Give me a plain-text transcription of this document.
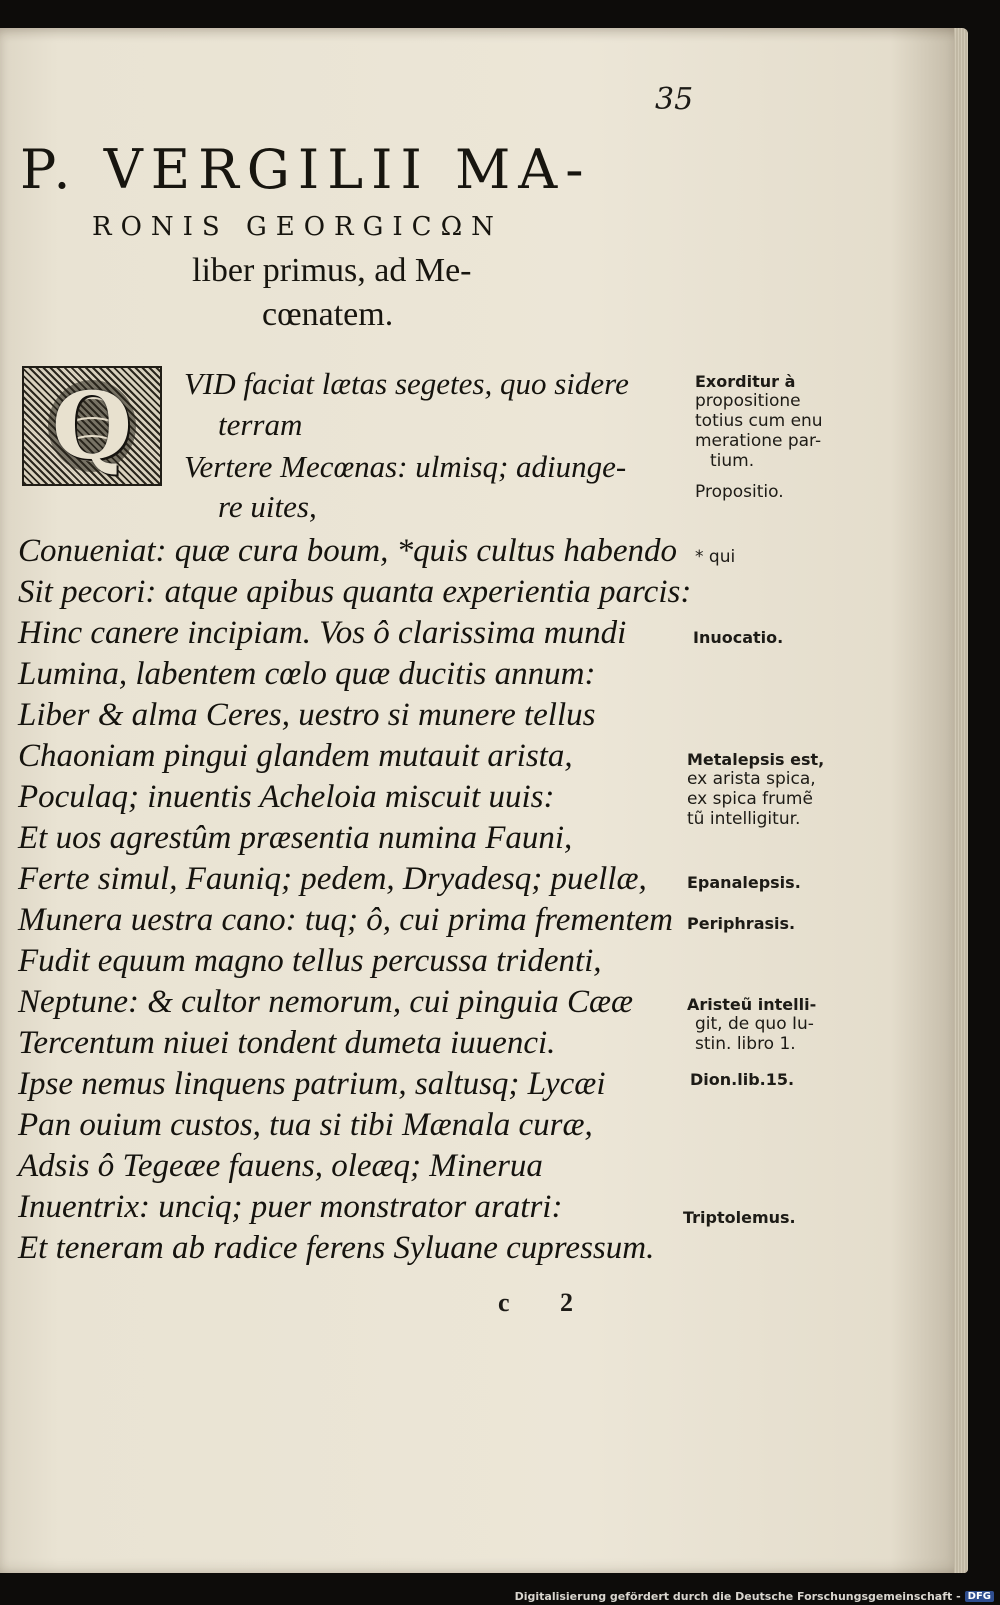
35
P. VERGILII MA-
RONIS GEORGICΩN
liber primus, ad Me-
cœnatem.
Q	VID faciat lætas segetes, quo sidere
terram
Vertere Mecœnas: ulmisq; adiunge-
re uites,
Conueniat: quæ cura boum, *quis cultus habendo
Sit pecori: atque apibus quanta experientia parcis:
Hinc canere incipiam. Vos ô clarissima mundi
Lumina, labentem cœlo quæ ducitis annum:
Liber & alma Ceres, uestro si munere tellus
Chaoniam pingui glandem mutauit arista,
Poculaq; inuentis Acheloia miscuit uuis:
Et uos agrestûm præsentia numina Fauni,
Ferte simul, Fauniq; pedem, Dryadesq; puellæ,
Munera uestra cano: tuq; ô, cui prima frementem
Fudit equum magno tellus percussa tridenti,
Neptune: & cultor nemorum, cui pinguia Cææ
Tercentum niuei tondent dumeta iuuenci.
Ipse nemus linquens patrium, saltusq; Lycæi
Pan ouium custos, tua si tibi Mænala curæ,
Adsis ô Tegeæe fauens, oleæq; Minerua
Inuentrix: unciq; puer monstrator aratri:
Et teneram ab radice ferens Syluane cupressum.
Exorditur à
propositione
totius cum enu
meratione par-
tium.
Propositio.
* qui
Inuocatio.
Metalepsis est,
ex arista spica,
ex spica frumẽ
tũ intelligitur.
Epanalepsis.
Periphrasis.
Aristeũ intelli-
git, de quo Iu-
stin. libro 1.
Dion.lib.15.
Triptolemus.
c 2
Digitalisierung gefördert durch die Deutsche Forschungsgemeinschaft - DFG
